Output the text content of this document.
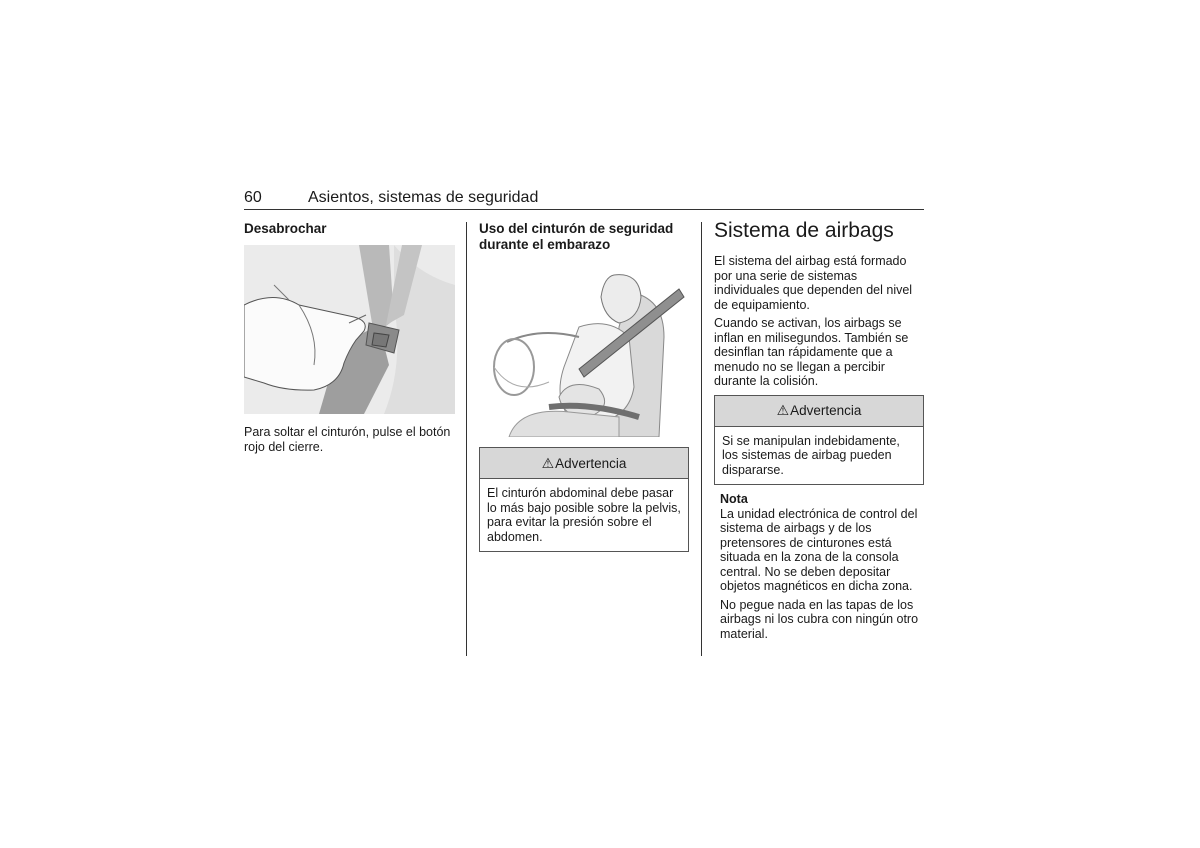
60	Asientos, sistemas de seguridad
Desabrochar

Para soltar el cinturón, pulse el botón rojo del cierre.

Uso del cinturón de seguridad durante el embarazo
⚠ Advertencia
El cinturón abdominal debe pasar lo más bajo posible sobre la pelvis, para evitar la presión sobre el abdomen.
Sistema de airbags

El sistema del airbag está formado por una serie de sistemas individuales que dependen del nivel de equipamiento.

Cuando se activan, los airbags se inflan en milisegundos. También se desinflan tan rápidamente que a menudo no se llegan a percibir durante la colisión.

⚠ Advertencia
Si se manipulan indebidamente, los sistemas de airbag pueden dispararse.

Nota

La unidad electrónica de control del sistema de airbags y de los pretensores de cinturones está situada en la zona de la consola central. No se deben depositar objetos magnéticos en dicha zona.

No pegue nada en las tapas de los airbags ni los cubra con ningún otro material.
